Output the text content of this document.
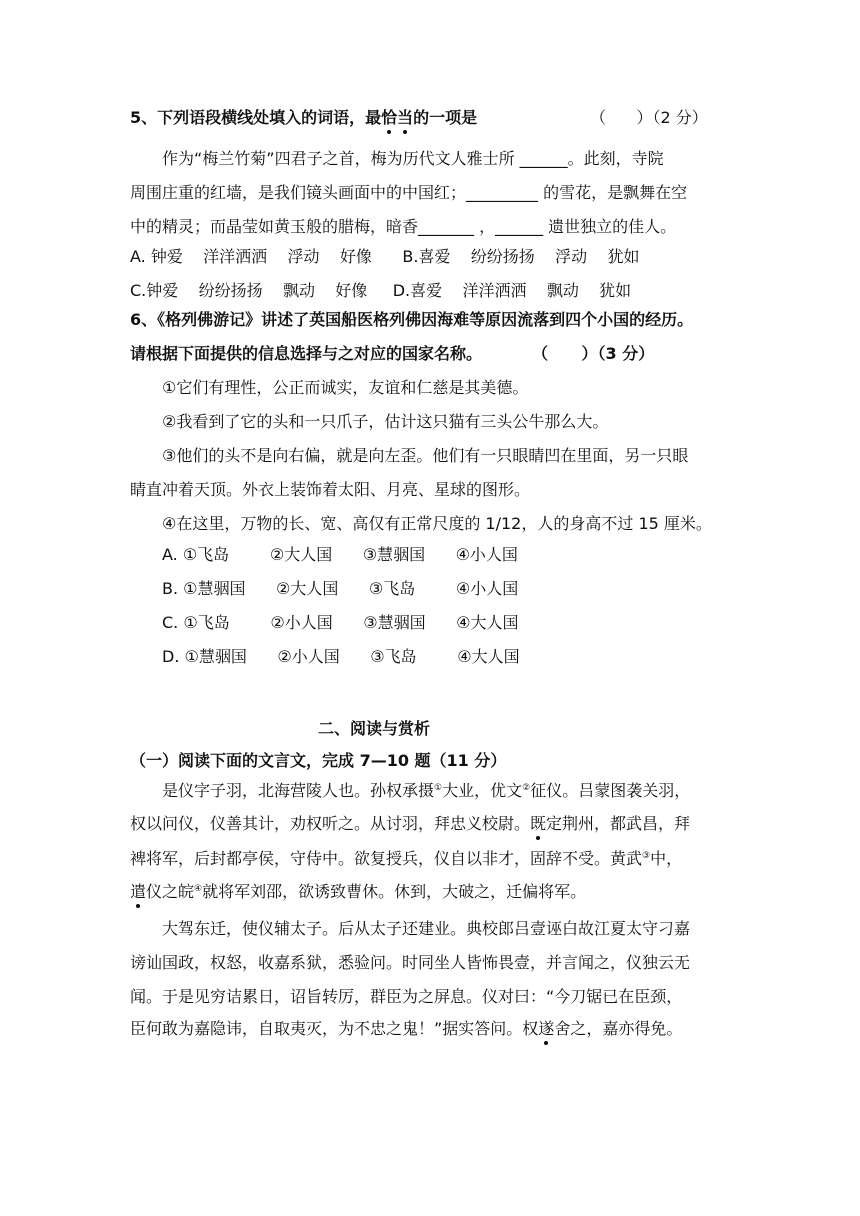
5、下列语段横线处填入的词语，最恰当的一项是	（      ）（2 分）
作为“梅兰竹菊”四君子之首，梅为历代文人雅士所 ______。此刻，寺院
周围庄重的红墙，是我们镜头画面中的中国红；_________ 的雪花，是飘舞在空
中的精灵；而晶莹如黄玉般的腊梅，暗香_______ ，______ 遗世独立的佳人。
A. 钟爱    洋洋洒洒    浮动    好像      B.喜爱    纷纷扬扬    浮动    犹如
C.钟爱    纷纷扬扬    飘动    好像     D.喜爱    洋洋洒洒    飘动    犹如
6、《格列佛游记》讲述了英国船医格列佛因海难等原因流落到四个小国的经历。
请根据下面提供的信息选择与之对应的国家名称。         （      ）（3 分）
①它们有理性，公正而诚实，友谊和仁慈是其美德。
②我看到了它的头和一只爪子，估计这只猫有三头公牛那么大。
③他们的头不是向右偏，就是向左歪。他们有一只眼睛凹在里面，另一只眼
睛直冲着天顶。外衣上装饰着太阳、月亮、星球的图形。
④在这里，万物的长、宽、高仅有正常尺度的 1/12，人的身高不过 15 厘米。
A. ①飞岛        ②大人国      ③慧骃国      ④小人国
B. ①慧骃国      ②大人国      ③飞岛        ④小人国
C. ①飞岛        ②小人国      ③慧骃国      ④大人国
D. ①慧骃国      ②小人国      ③飞岛        ④大人国
二、阅读与赏析
（一）阅读下面的文言文，完成 7—10 题（11 分）
是仪字子羽，北海营陵人也。孙权承摄①大业，优文②征仪。吕蒙图袭关羽，
权以问仪，仪善其计，劝权听之。从讨羽，拜忠义校尉。既定荆州，都武昌，拜
裨将军，后封都亭侯，守侍中。欲复授兵，仪自以非才，固辞不受。黄武③中，
遣仪之皖④就将军刘邵，欲诱致曹休。休到，大破之，迁偏将军。
大驾东迁，使仪辅太子。后从太子还建业。典校郎吕壹诬白故江夏太守刁嘉
谤讪国政，权怒，收嘉系狱，悉验问。时同坐人皆怖畏壹，并言闻之，仪独云无
闻。于是见穷诘累日，诏旨转厉，群臣为之屏息。仪对曰：“今刀锯已在臣颈，
臣何敢为嘉隐讳，自取夷灭，为不忠之鬼！”据实答问。权遂舍之，嘉亦得免。
